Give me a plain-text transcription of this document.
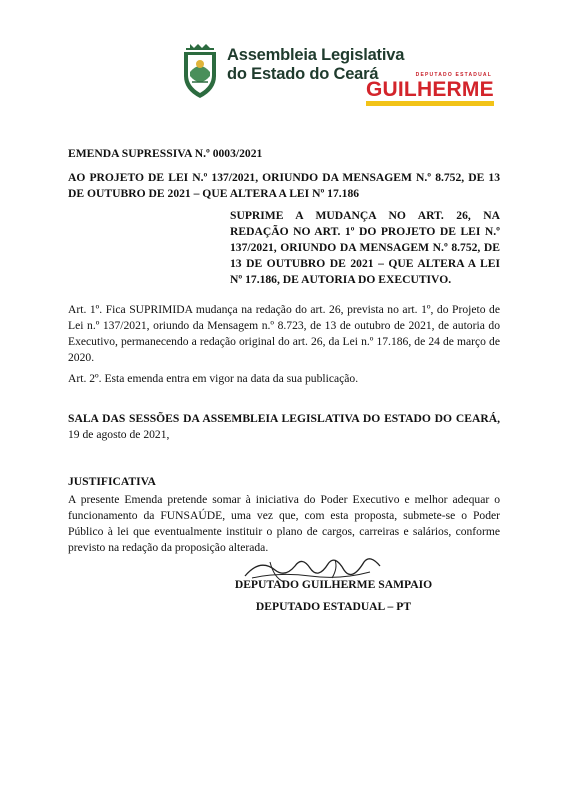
Assembleia Legislativa
do Estado do Ceará	DEPUTADO ESTADUAL
GUILHERME
EMENDA SUPRESSIVA N.º 0003/2021
AO PROJETO DE LEI N.º 137/2021, ORIUNDO DA MENSAGEM N.º 8.752, DE 13 DE OUTUBRO DE 2021 – QUE ALTERA A LEI Nº 17.186
SUPRIME A MUDANÇA NO ART. 26, NA REDAÇÃO NO ART. 1º DO PROJETO DE LEI N.º 137/2021, ORIUNDO DA MENSAGEM N.º 8.752, DE 13 DE OUTUBRO DE 2021 – QUE ALTERA A LEI Nº 17.186, DE AUTORIA DO EXECUTIVO.
Art. 1º. Fica SUPRIMIDA mudança na redação do art. 26, prevista no art. 1º, do Projeto de Lei n.º 137/2021, oriundo da Mensagem n.º 8.723, de 13 de outubro de 2021, de autoria do Executivo, permanecendo a redação original do art. 26, da Lei n.º 17.186, de 24 de março de 2020.
Art. 2º. Esta emenda entra em vigor na data da sua publicação.
SALA DAS SESSÕES DA ASSEMBLEIA LEGISLATIVA DO ESTADO DO CEARÁ, 19 de agosto de 2021,
JUSTIFICATIVA
A presente Emenda pretende somar à iniciativa do Poder Executivo e melhor adequar o funcionamento da FUNSAÚDE, uma vez que, com esta proposta, submete-se o Poder Público à lei que eventualmente instituir o plano de cargos, carreiras e salários, conforme previsto na redação da proposição alterada.
DEPUTADO GUILHERME SAMPAIO
DEPUTADO ESTADUAL – PT
